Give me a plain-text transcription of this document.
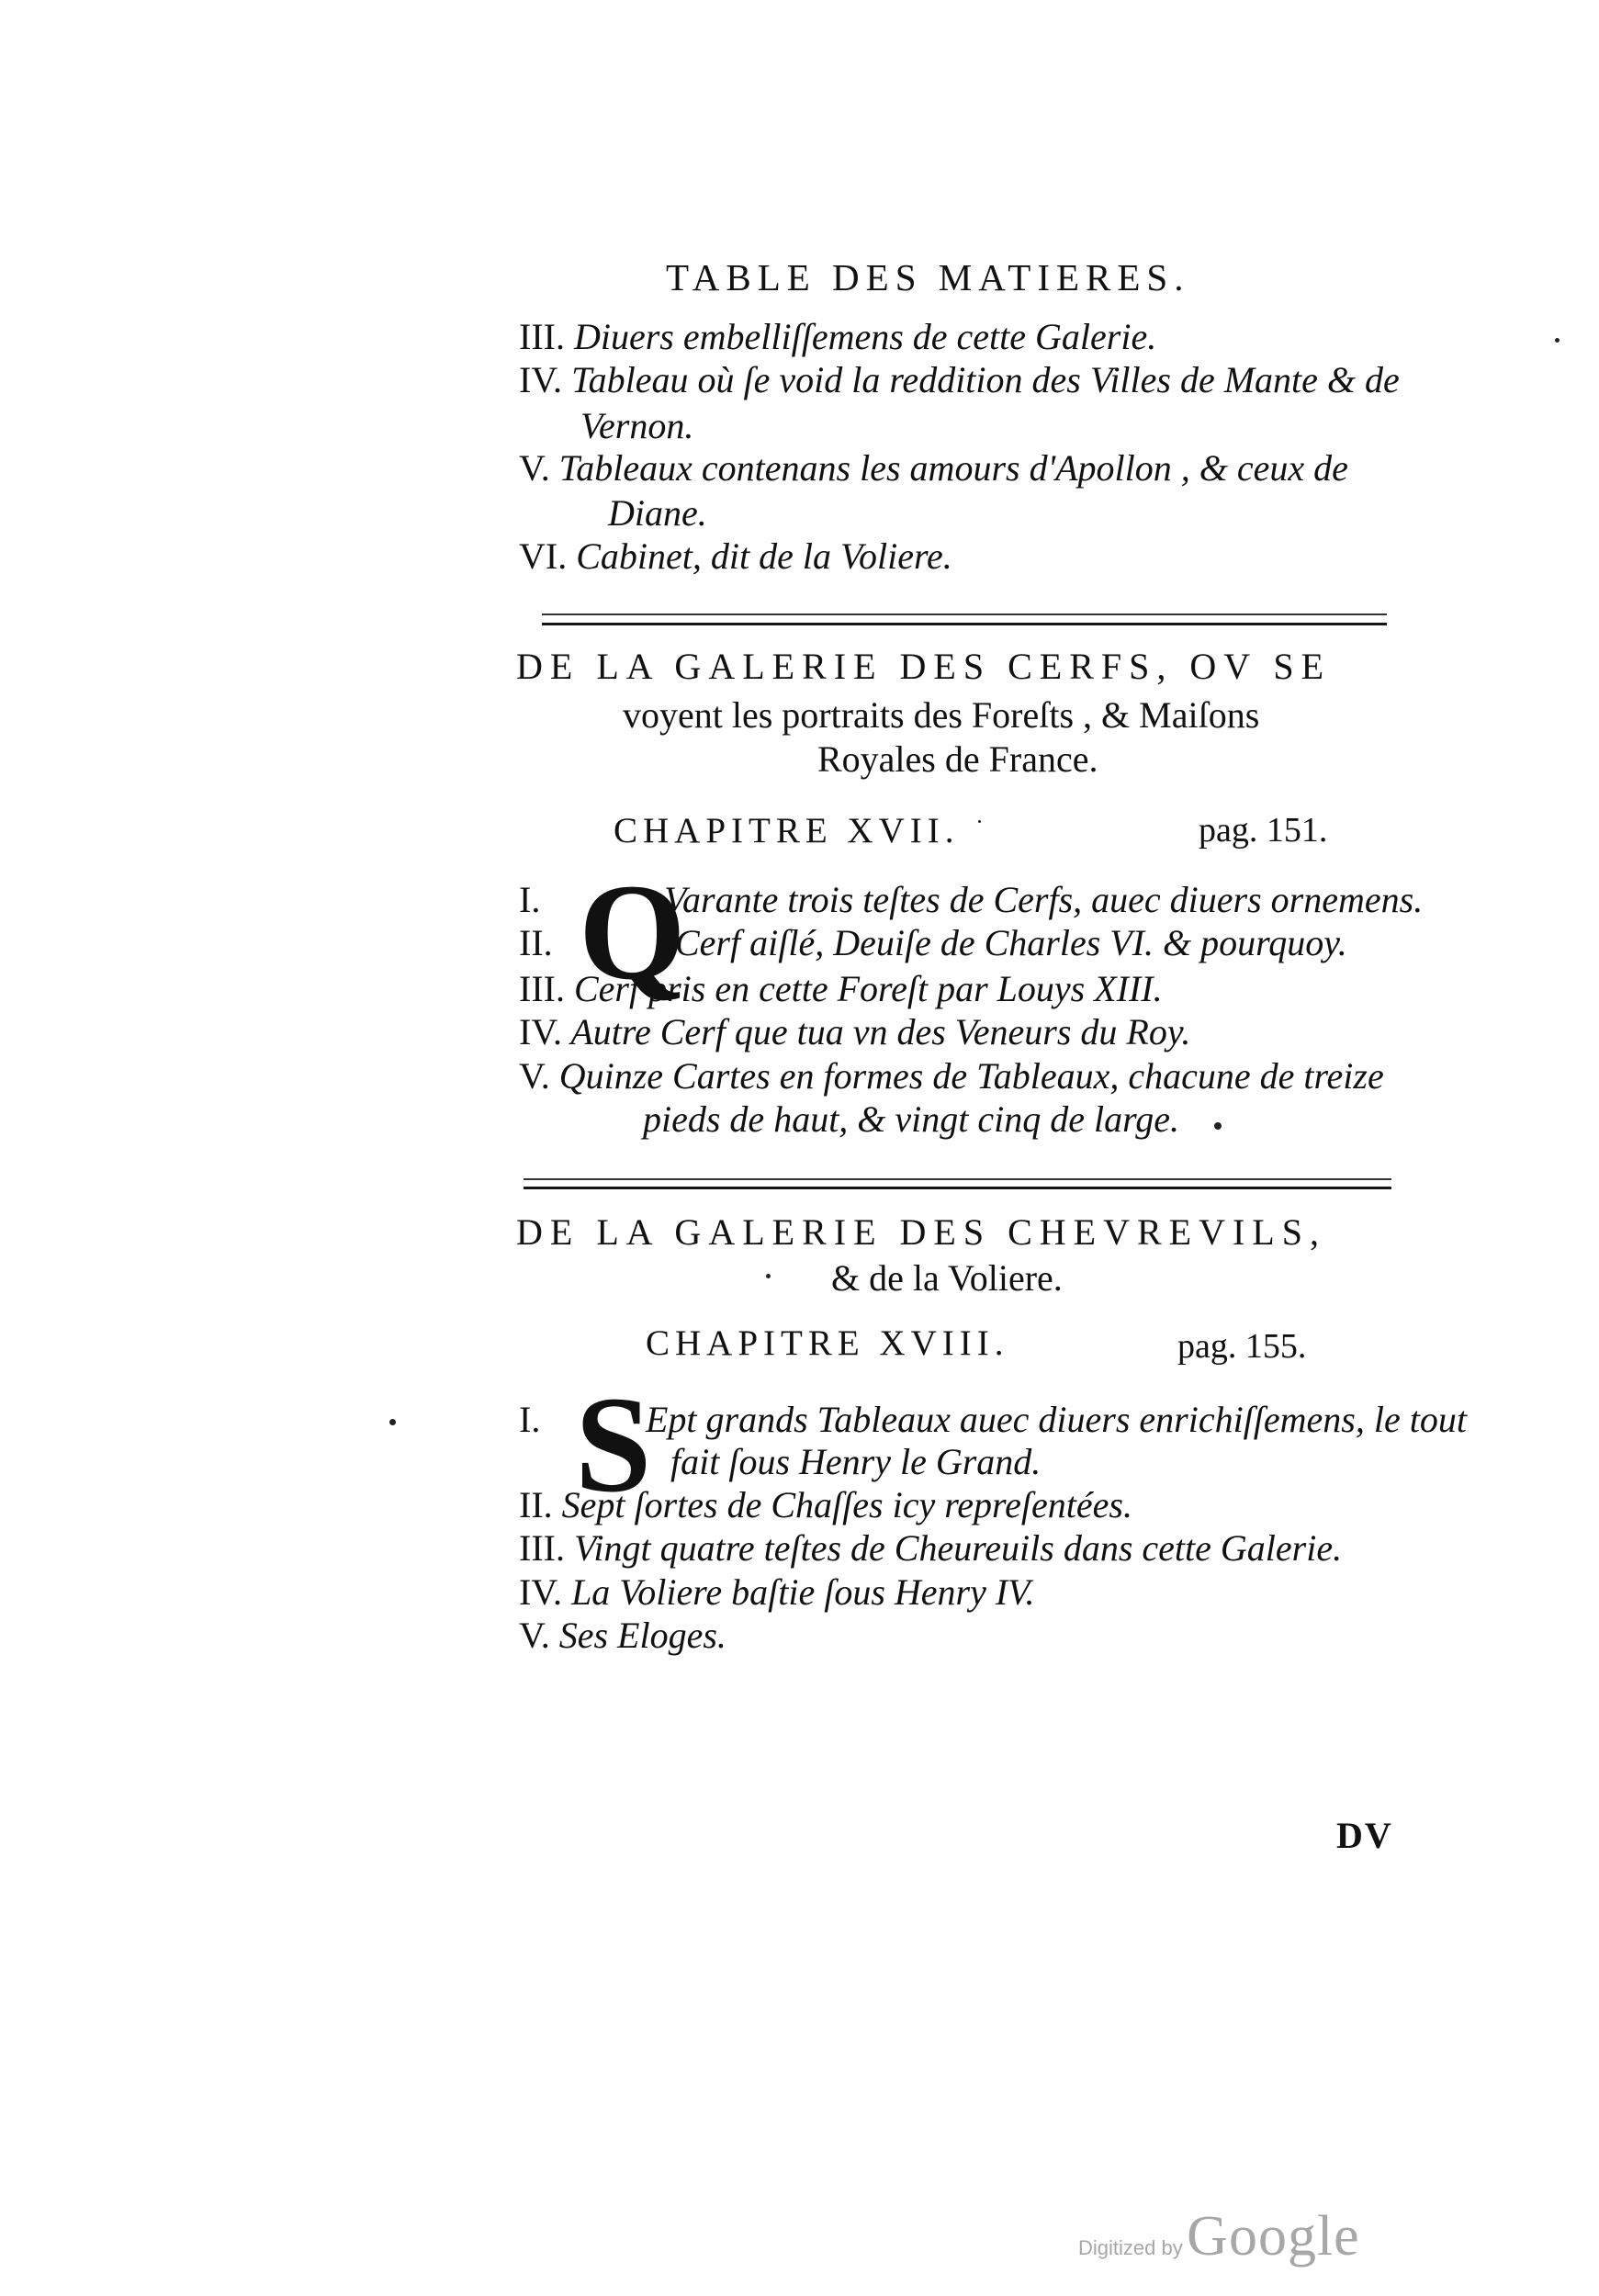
TABLE DES MATIERES.
III. Diuers embelliſſemens de cette Galerie.
IV. Tableau où ſe void la reddition des Villes de Mante & de
Vernon.
V. Tableaux contenans les amours d'Apollon , & ceux de
Diane.
VI. Cabinet, dit de la Voliere.
DE LA GALERIE DES CERFS, OV SE
voyent les portraits des Foreſts , & Maiſons
Royales de France.
CHAPITRE XVII.	pag. 151.
Q
I.	Varante trois teſtes de Cerfs, auec diuers ornemens.
II.	Cerf aiſlé, Deuiſe de Charles VI. & pourquoy.
III. Cerf pris en cette Foreſt par Louys XIII.
IV. Autre Cerf que tua vn des Veneurs du Roy.
V. Quinze Cartes en formes de Tableaux, chacune de treize
pieds de haut, & vingt cinq de large.
DE LA GALERIE DES CHEVREVILS,
& de la Voliere.
CHAPITRE XVIII.	pag. 155.
S
I.	Ept grands Tableaux auec diuers enrichiſſemens, le tout
fait ſous Henry le Grand.
II. Sept ſortes de Chaſſes icy repreſentées.
III. Vingt quatre teſtes de Cheureuils dans cette Galerie.
IV. La Voliere baſtie ſous Henry IV.
V. Ses Eloges.
DV
Digitized by Google
